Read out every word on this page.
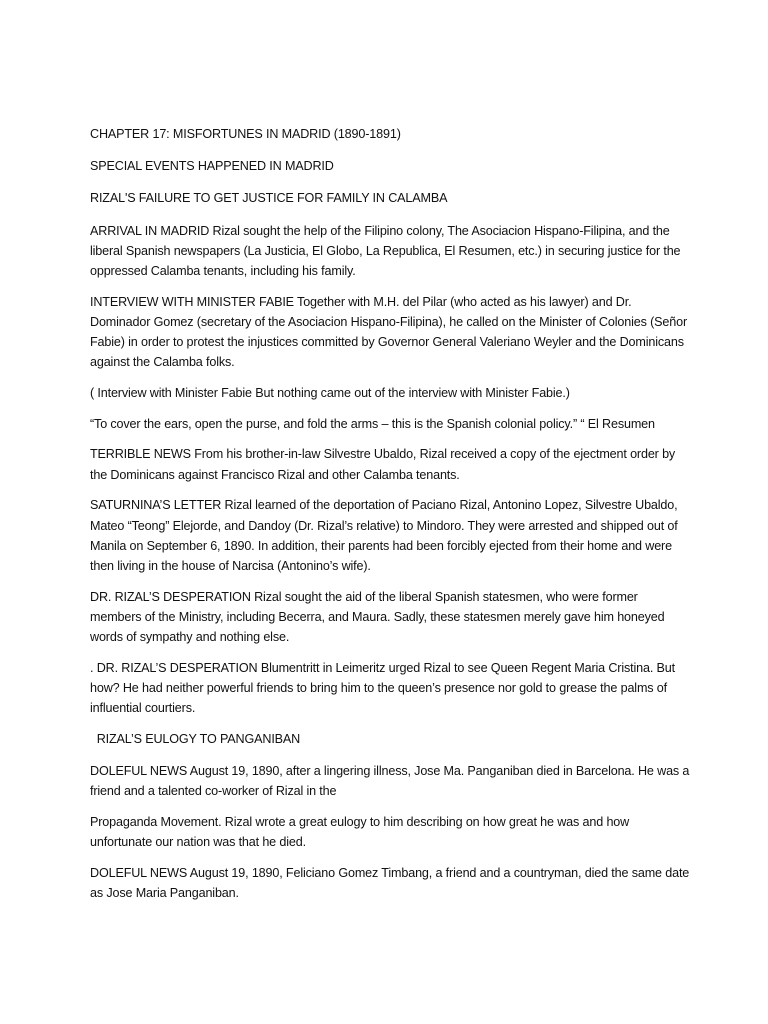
CHAPTER 17: MISFORTUNES IN MADRID (1890-1891)

SPECIAL EVENTS HAPPENED IN MADRID

RIZAL'S FAILURE TO GET JUSTICE FOR FAMILY IN CALAMBA

ARRIVAL IN MADRID Rizal sought the help of the Filipino colony, The Asociacion Hispano-Filipina, and the liberal Spanish newspapers (La Justicia, El Globo, La Republica, El Resumen, etc.) in securing justice for the oppressed Calamba tenants, including his family.

INTERVIEW WITH MINISTER FABIE Together with M.H. del Pilar (who acted as his lawyer) and Dr. Dominador Gomez (secretary of the Asociacion Hispano-Filipina), he called on the Minister of Colonies (Señor Fabie) in order to protest the injustices committed by Governor General Valeriano Weyler and the Dominicans against the Calamba folks.

( Interview with Minister Fabie But nothing came out of the interview with Minister Fabie.)

“To cover the ears, open the purse, and fold the arms – this is the Spanish colonial policy.” “ El Resumen

TERRIBLE NEWS From his brother-in-law Silvestre Ubaldo, Rizal received a copy of the ejectment order by the Dominicans against Francisco Rizal and other Calamba tenants.

SATURNINA’S LETTER Rizal learned of the deportation of Paciano Rizal, Antonino Lopez, Silvestre Ubaldo, Mateo “Teong” Elejorde, and Dandoy (Dr. Rizal’s relative) to Mindoro. They were arrested and shipped out of Manila on September 6, 1890. In addition, their parents had been forcibly ejected from their home and were then living in the house of Narcisa (Antonino’s wife).

DR. RIZAL’S DESPERATION Rizal sought the aid of the liberal Spanish statesmen, who were former members of the Ministry, including Becerra, and Maura. Sadly, these statesmen merely gave him honeyed words of sympathy and nothing else.

. DR. RIZAL’S DESPERATION Blumentritt in Leimeritz urged Rizal to see Queen Regent Maria Cristina. But how? He had neither powerful friends to bring him to the queen’s presence nor gold to grease the palms of influential courtiers.

RIZAL’S EULOGY TO PANGANIBAN

DOLEFUL NEWS August 19, 1890, after a lingering illness, Jose Ma. Panganiban died in Barcelona. He was a friend and a talented co-worker of Rizal in the

Propaganda Movement. Rizal wrote a great eulogy to him describing on how great he was and how unfortunate our nation was that he died.

DOLEFUL NEWS August 19, 1890, Feliciano Gomez Timbang, a friend and a countryman, died the same date as Jose Maria Panganiban.
